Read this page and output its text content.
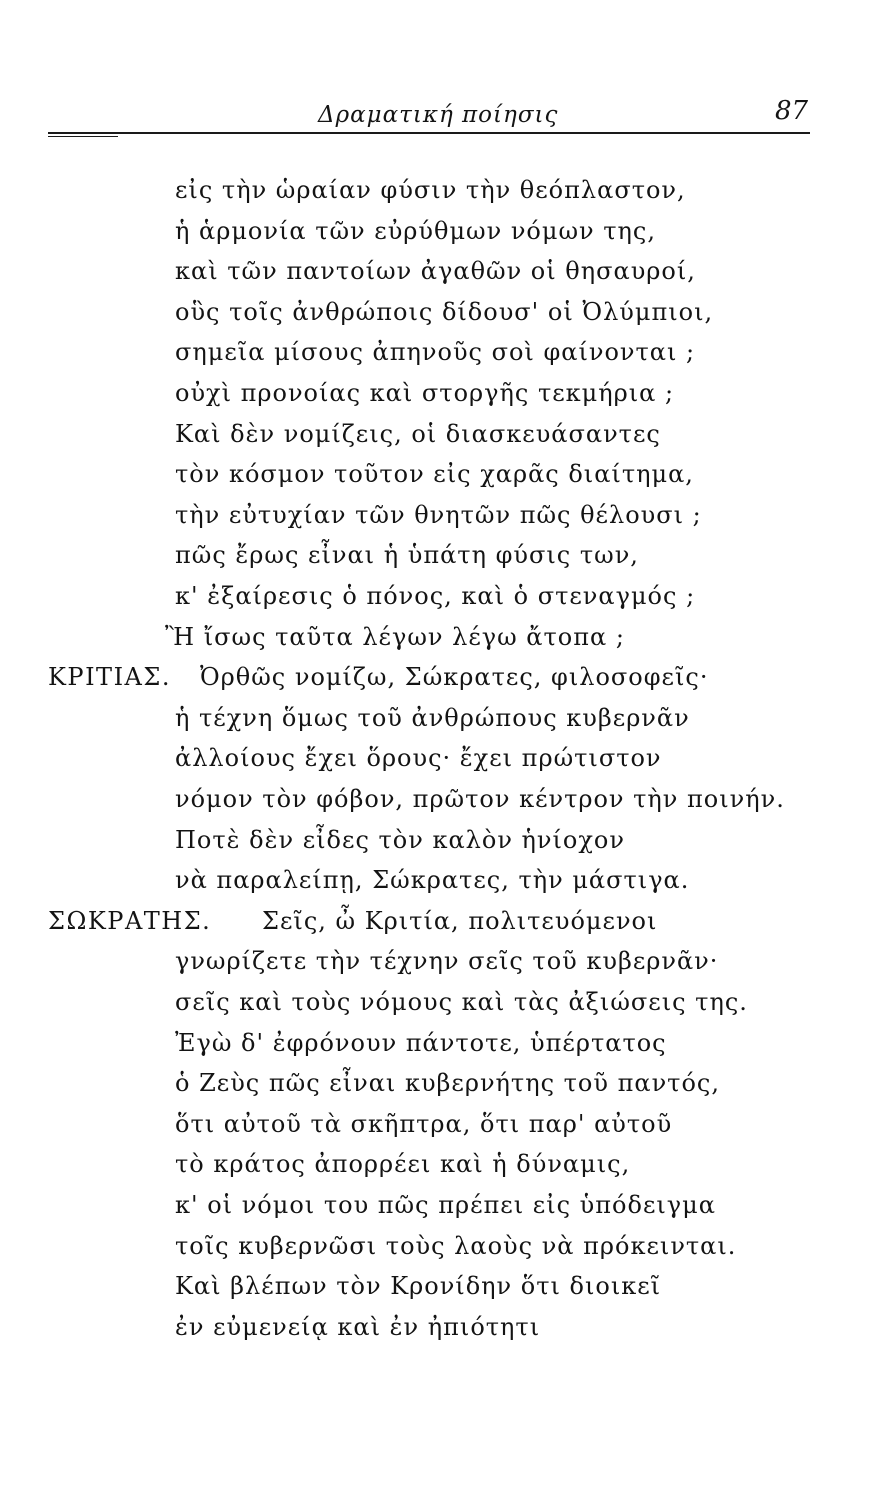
Δραματική ποίησις	87
εἰς τὴν ὡραίαν φύσιν τὴν θεόπλαστον,
ἡ ἁρμονία τῶν εὐρύθμων νόμων της,
καὶ τῶν παντοίων ἀγαθῶν οἱ θησαυροί,
οὓς τοῖς ἀνθρώποις δίδουσ' οἱ Ὀλύμπιοι,
σημεῖα μίσους ἀπηνοῦς σοὶ φαίνονται ;
οὐχὶ προνοίας καὶ στοργῆς τεκμήρια ;
Καὶ δὲν νομίζεις, οἱ διασκευάσαντες
τὸν κόσμον τοῦτον εἰς χαρᾶς διαίτημα,
τὴν εὐτυχίαν τῶν θνητῶν πῶς θέλουσι ;
πῶς ἔρως εἶναι ἡ ὑπάτη φύσις των,
κ' ἐξαίρεσις ὁ πόνος, καὶ ὁ στεναγμός ;
Ἢ ἴσως ταῦτα λέγων λέγω ἄτοπα ;
ΚΡΙΤΙΑΣ. Ὀρθῶς νομίζω, Σώκρατες, φιλοσοφεῖς·
ἡ τέχνη ὅμως τοῦ ἀνθρώπους κυβερνᾶν
ἀλλοίους ἔχει ὅρους· ἔχει πρώτιστον
νόμον τὸν φόβον, πρῶτον κέντρον τὴν ποινήν.
Ποτὲ δὲν εἶδες τὸν καλὸν ἡνίοχον
νὰ παραλείπῃ, Σώκρατες, τὴν μάστιγα.
ΣΩΚΡΑΤΗΣ. Σεῖς, ὦ Κριτία, πολιτευόμενοι
γνωρίζετε τὴν τέχνην σεῖς τοῦ κυβερνᾶν·
σεῖς καὶ τοὺς νόμους καὶ τὰς ἀξιώσεις της.
Ἐγὼ δ' ἐφρόνουν πάντοτε, ὑπέρτατος
ὁ Ζεὺς πῶς εἶναι κυβερνήτης τοῦ παντός,
ὅτι αὐτοῦ τὰ σκῆπτρα, ὅτι παρ' αὐτοῦ
τὸ κράτος ἀπορρέει καὶ ἡ δύναμις,
κ' οἱ νόμοι του πῶς πρέπει εἰς ὑπόδειγμα
τοῖς κυβερνῶσι τοὺς λαοὺς νὰ πρόκεινται.
Καὶ βλέπων τὸν Κρονίδην ὅτι διοικεῖ
ἐν εὐμενείᾳ καὶ ἐν ἠπιότητι
